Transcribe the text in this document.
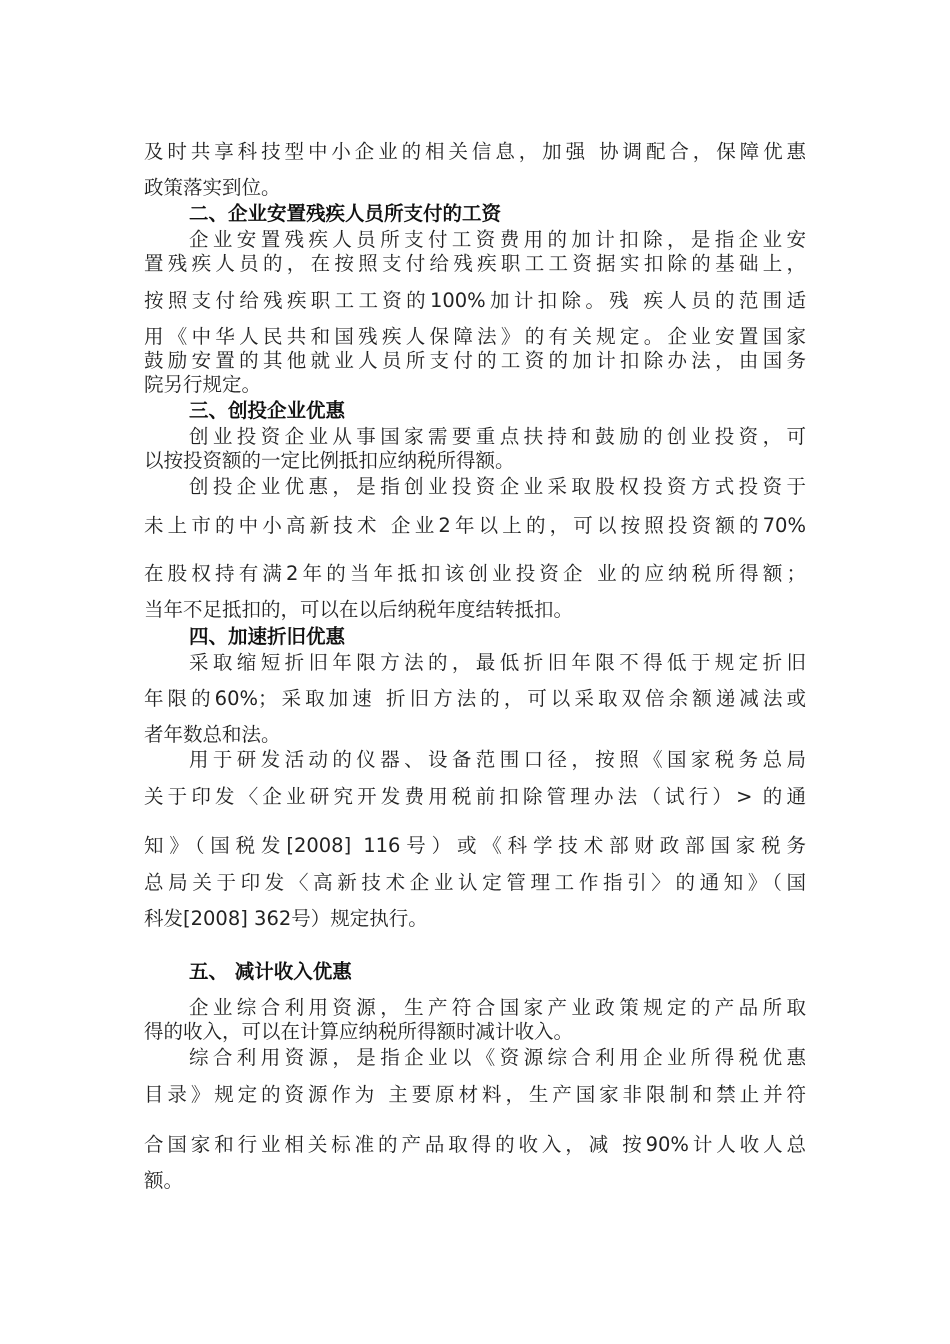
及时共享科技型中小企业的相关信息，加强 协调配合，保障优惠
政策落实到位。
二、企业安置残疾人员所支付的工资
企业安置残疾人员所支付工资费用的加计扣除，是指企业安
置残疾人员的，在按照支付给残疾职工工资据实扣除的基础上，
按照支付给残疾职工工资的100%加计扣除。残 疾人员的范围适
用《中华人民共和国残疾人保障法》的有关规定。企业安置国家
鼓励安置的其他就业人员所支付的工资的加计扣除办法，由国务
院另行规定。
三、创投企业优惠
创业投资企业从事国家需要重点扶持和鼓励的创业投资，可
以按投资额的一定比例抵扣应纳税所得额。
创投企业优惠，是指创业投资企业采取股权投资方式投资于
未上市的中小高新技术 企业2年以上的，可以按照投资额的70%
在股权持有满2年的当年抵扣该创业投资企 业的应纳税所得额；
当年不足抵扣的，可以在以后纳税年度结转抵扣。
四、加速折旧优惠
采取缩短折旧年限方法的，最低折旧年限不得低于规定折旧
年限的60%；采取加速 折旧方法的，可以采取双倍余额递减法或
者年数总和法。
用于研发活动的仪器、设备范围口径，按照《国家税务总局
关于印发〈企业研究开发费用税前扣除管理办法（试行）> 的通
知》（国税发[2008] 116号）或《科学技术部财政部国家税务
总局关于印发〈高新技术企业认定管理工作指引〉的通知》（国
科发[2008] 362号）规定执行。
五、 减计收入优惠
企业综合利用资源，生产符合国家产业政策规定的产品所取
得的收入，可以在计算应纳税所得额时减计收入。
综合利用资源，是指企业以《资源综合利用企业所得税优惠
目录》规定的资源作为 主要原材料，生产国家非限制和禁止并符
合国家和行业相关标准的产品取得的收入，减 按90%计人收人总
额。
